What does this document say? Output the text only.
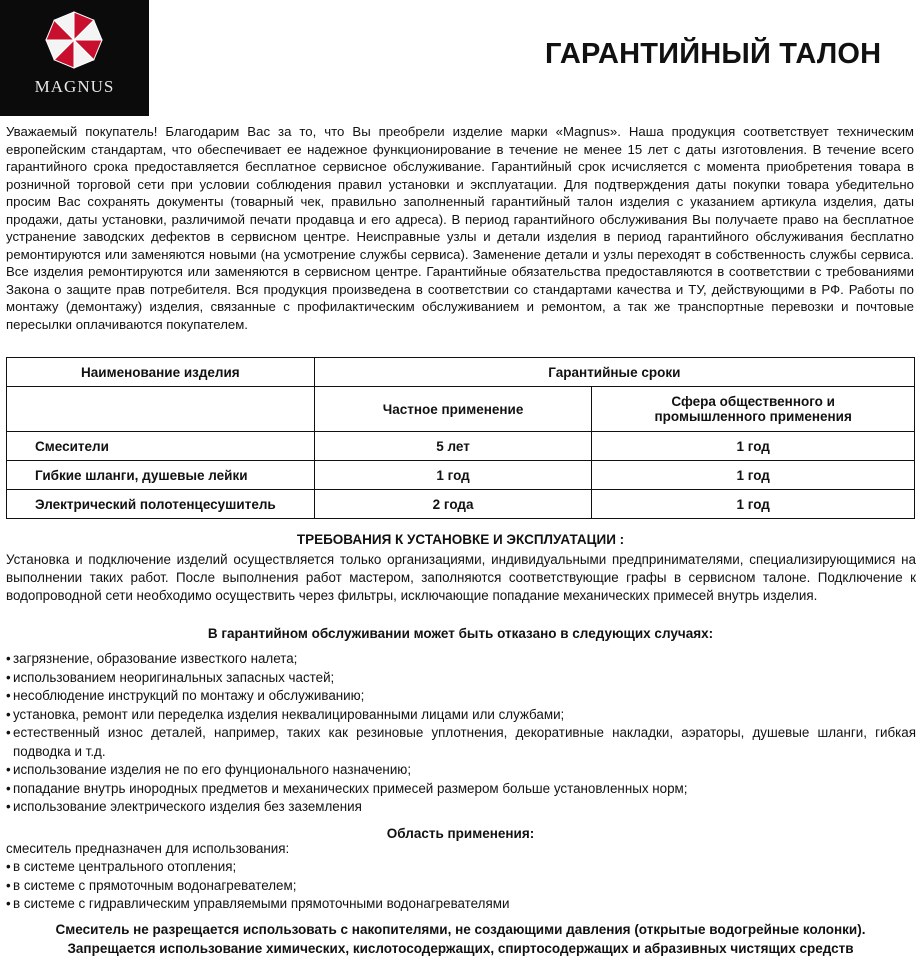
MAGNUS
ГАРАНТИЙНЫЙ ТАЛОН

Уважаемый покупатель! Благодарим Вас за то, что Вы преобрели изделие марки «Magnus». Наша продукция соответствует техническим европейским стандартам, что обеспечивает ее надежное функционирование в течение не менее 15 лет с даты изготовления. В течение всего гарантийного срока предоставляется бесплатное сервисное обслуживание. Гарантийный срок исчисляется с момента приобретения товара в розничной торговой сети при условии соблюдения правил установки и эксплуатации. Для подтверждения даты покупки товара убедительно просим Вас сохранять документы (товарный чек, правильно заполненный гарантийный талон изделия с указанием артикула изделия, даты продажи, даты установки, различимой печати продавца и его адреса). В период гарантийного обслуживания Вы получаете право на бесплатное устранение заводских дефектов в сервисном центре. Неисправные узлы и детали изделия в период гарантийного обслуживания бесплатно ремонтируются или заменяются новыми (на усмотрение службы сервиса). Заменение детали и узлы переходят в собственность службы сервиса. Все изделия ремонтируются или заменяются в сервисном центре. Гарантийные обязательства предоставляются в соответствии с требованиями Закона о защите прав потребителя. Вся продукция произведена в соответствии со стандартами качества и ТУ, действующими в РФ. Работы по монтажу (демонтажу) изделия, связанные с профилактическим обслуживанием и ремонтом, а так же транспортные перевозки и почтовые пересылки оплачиваются покупателем.

Наименование изделия	Гарантийные сроки	
	Частное применение	Сфера общественного и
промышленного применения
Смесители	5 лет	1 год
Гибкие шланги, душевые лейки	1 год	1 год
Электрический полотенцесушитель	2 года	1 год
ТРЕБОВАНИЯ К УСТАНОВКЕ И ЭКСПЛУАТАЦИИ :

Установка и подключение изделий осуществляется только организациями, индивидуальными предпринимателями, специализирующимися на выполнении таких работ. После выполнения работ мастером, заполняются соответствующие графы в сервисном талоне. Подключение к водопроводной сети необходимо осуществить через фильтры, исключающие попадание механических примесей внутрь изделия.

В гарантийном обслуживании может быть отказано в следующих случаях:
• загрязнение, образование известкого налета;
• использованием неоригинальных запасных частей;
• несоблюдение инструкций по монтажу и обслуживанию;
• установка, ремонт или переделка изделия неквалицированными лицами или службами;
• естественный износ деталей, например, таких как резиновые уплотнения, декоративные накладки, аэраторы, душевые шланги, гибкая подводка и т.д.
• использование изделия не по его фунционального назначению;
• попадание внутрь инородных предметов и механических примесей размером больше установленных норм;
• использование электрического изделия без заземления
Область применения:
смеситель предназначен для использования:
• в системе центрального отопления;
• в системе с прямоточным водонагревателем;
• в системе с гидравлическим управляемыми прямоточными водонагревателями
Смеситель не разрещается использовать с накопителями, не создающими давления (открытые водогрейные колонки).
Запрещается использование химических, кислотосодержащих, спиртосодержащих и абразивных чистящих средств
